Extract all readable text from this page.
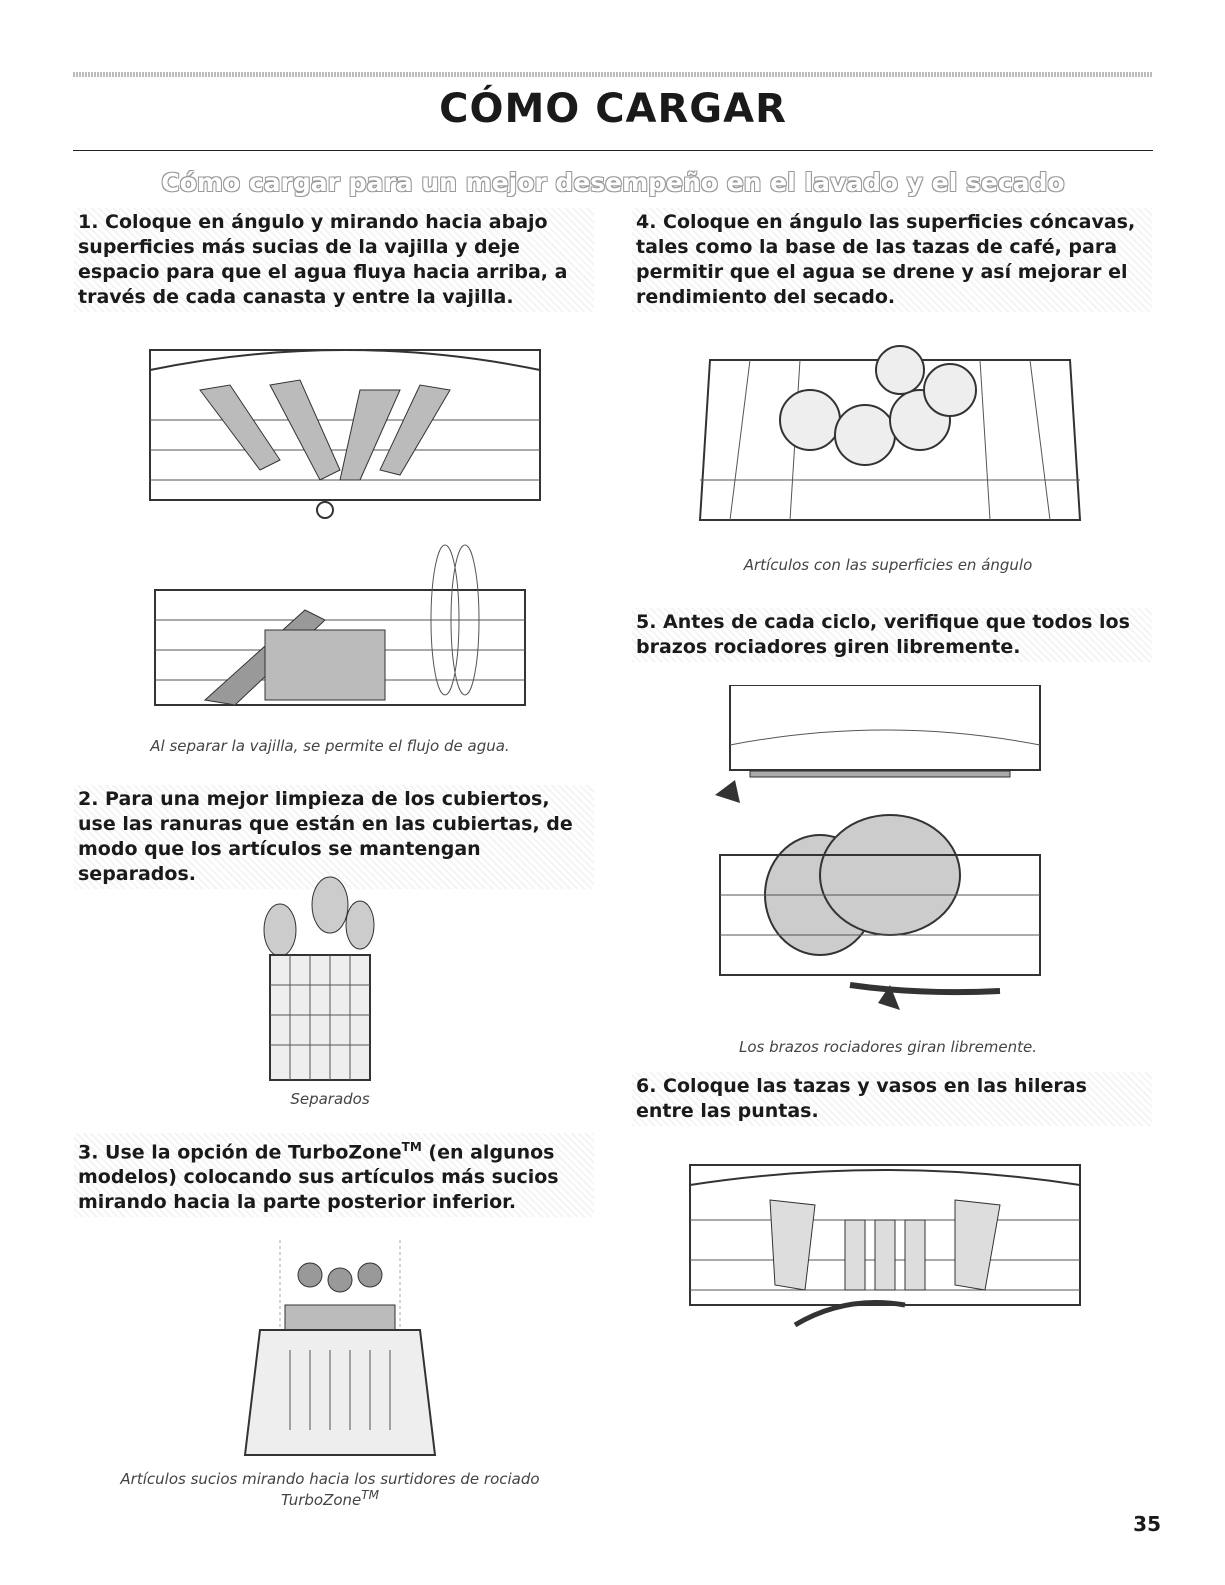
CÓMO CARGAR
Cómo cargar para un mejor desempeño en el lavado y el secado
1. Coloque en ángulo y mirando hacia abajo superficies más sucias de la vajilla y deje espacio para que el agua fluya hacia arriba, a través de cada canasta y entre la vajilla.
Al separar la vajilla, se permite el flujo de agua.
2. Para una mejor limpieza de los cubiertos, use las ranuras que están en las cubiertas, de modo que los artículos se mantengan separados.
Separados
3. Use la opción de TurboZone™ (en algunos modelos) colocando sus artículos más sucios mirando hacia la parte posterior inferior.
Artículos sucios mirando hacia los surtidores de rociado TurboZone™
4. Coloque en ángulo las superficies cóncavas, tales como la base de las tazas de café, para permitir que el agua se drene y así mejorar el rendimiento del secado.
Artículos con las superficies en ángulo
5. Antes de cada ciclo, verifique que todos los brazos rociadores giren libremente.
Los brazos rociadores giran libremente.
6. Coloque las tazas y vasos en las hileras entre las puntas.
35
